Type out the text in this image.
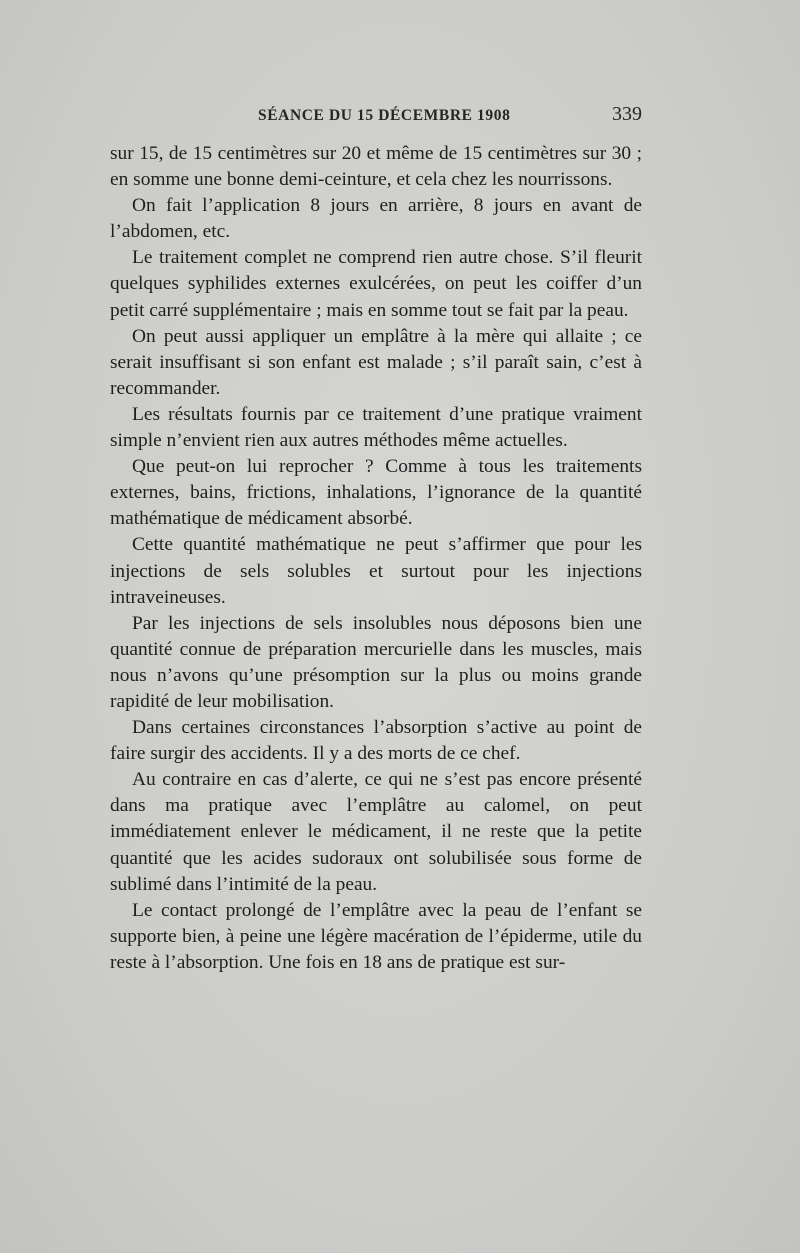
SÉANCE DU 15 DÉCEMBRE 1908	339

sur 15, de 15 centimètres sur 20 et même de 15 centimètres sur 30 ; en somme une bonne demi-ceinture, et cela chez les nourrissons.

On fait l’application 8 jours en arrière, 8 jours en avant de l’abdomen, etc.

Le traitement complet ne comprend rien autre chose. S’il fleurit quelques syphilides externes exulcérées, on peut les coiffer d’un petit carré supplémentaire ; mais en somme tout se fait par la peau.

On peut aussi appliquer un emplâtre à la mère qui allaite ; ce serait insuffisant si son enfant est malade ; s’il paraît sain, c’est à recommander.

Les résultats fournis par ce traitement d’une pratique vraiment simple n’envient rien aux autres méthodes même actuelles.

Que peut-on lui reprocher ? Comme à tous les traitements externes, bains, frictions, inhalations, l’ignorance de la quantité mathématique de médicament absorbé.

Cette quantité mathématique ne peut s’affirmer que pour les injections de sels solubles et surtout pour les injections intraveineuses.

Par les injections de sels insolubles nous déposons bien une quantité connue de préparation mercurielle dans les muscles, mais nous n’avons qu’une présomption sur la plus ou moins grande rapidité de leur mobilisation.

Dans certaines circonstances l’absorption s’active au point de faire surgir des accidents. Il y a des morts de ce chef.

Au contraire en cas d’alerte, ce qui ne s’est pas encore présenté dans ma pratique avec l’emplâtre au calomel, on peut immédiatement enlever le médicament, il ne reste que la petite quantité que les acides sudoraux ont solubilisée sous forme de sublimé dans l’intimité de la peau.

Le contact prolongé de l’emplâtre avec la peau de l’enfant se supporte bien, à peine une légère macération de l’épiderme, utile du reste à l’absorption. Une fois en 18 ans de pratique est sur-
